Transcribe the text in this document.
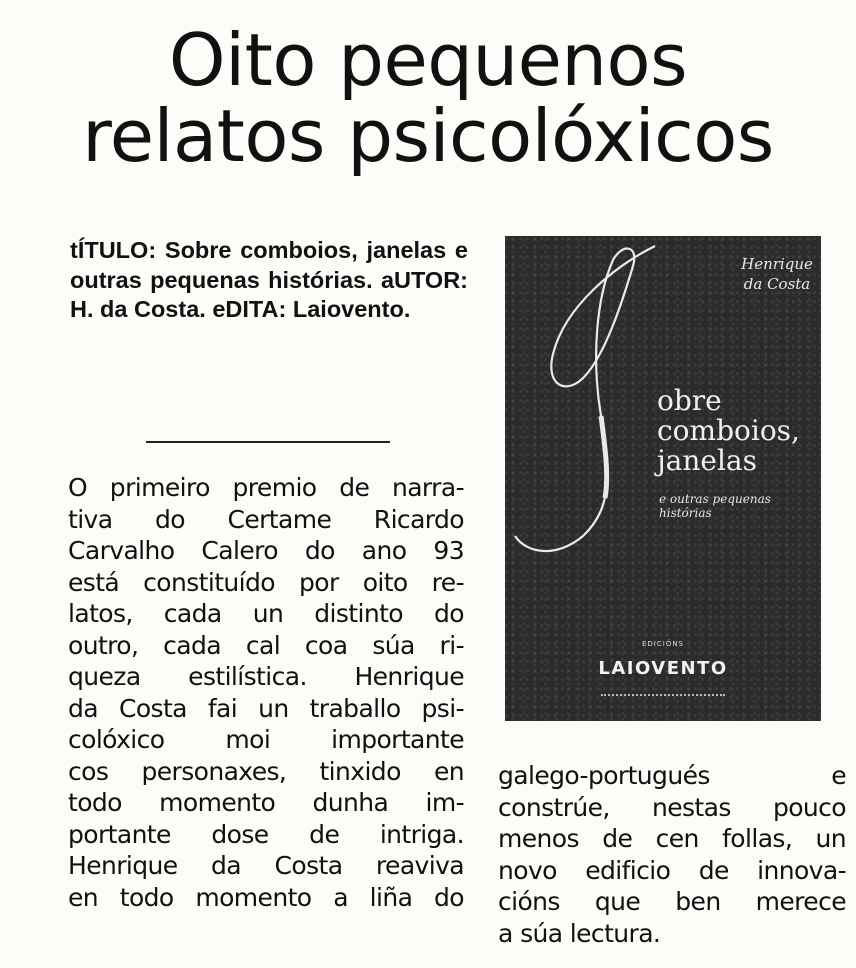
Oito pequenos
relatos psicolóxicos

tÍTULO: Sobre comboios, janelas e outras pequenas histórias. aUTOR: H. da Costa. eDITA: Laiovento.

Henrique
da Costa
obre
comboios,
janelas
e outras pequenas histórias
EDICIÓNS
LAIOVENTO
O primeiro premio de narra-
tiva do Certame Ricardo
Carvalho Calero do ano 93
está constituído por oito re-
latos, cada un distinto do
outro, cada cal coa súa ri-
queza estilística. Henrique
da Costa fai un traballo psi-
colóxico moi importante
cos personaxes, tinxido en
todo momento dunha im-
portante dose de intriga.
Henrique da Costa reaviva
en todo momento a liña do
galego-portugués e
constrúe, nestas pouco
menos de cen follas, un
novo edificio de innova-
cións que ben merece
a súa lectura.
